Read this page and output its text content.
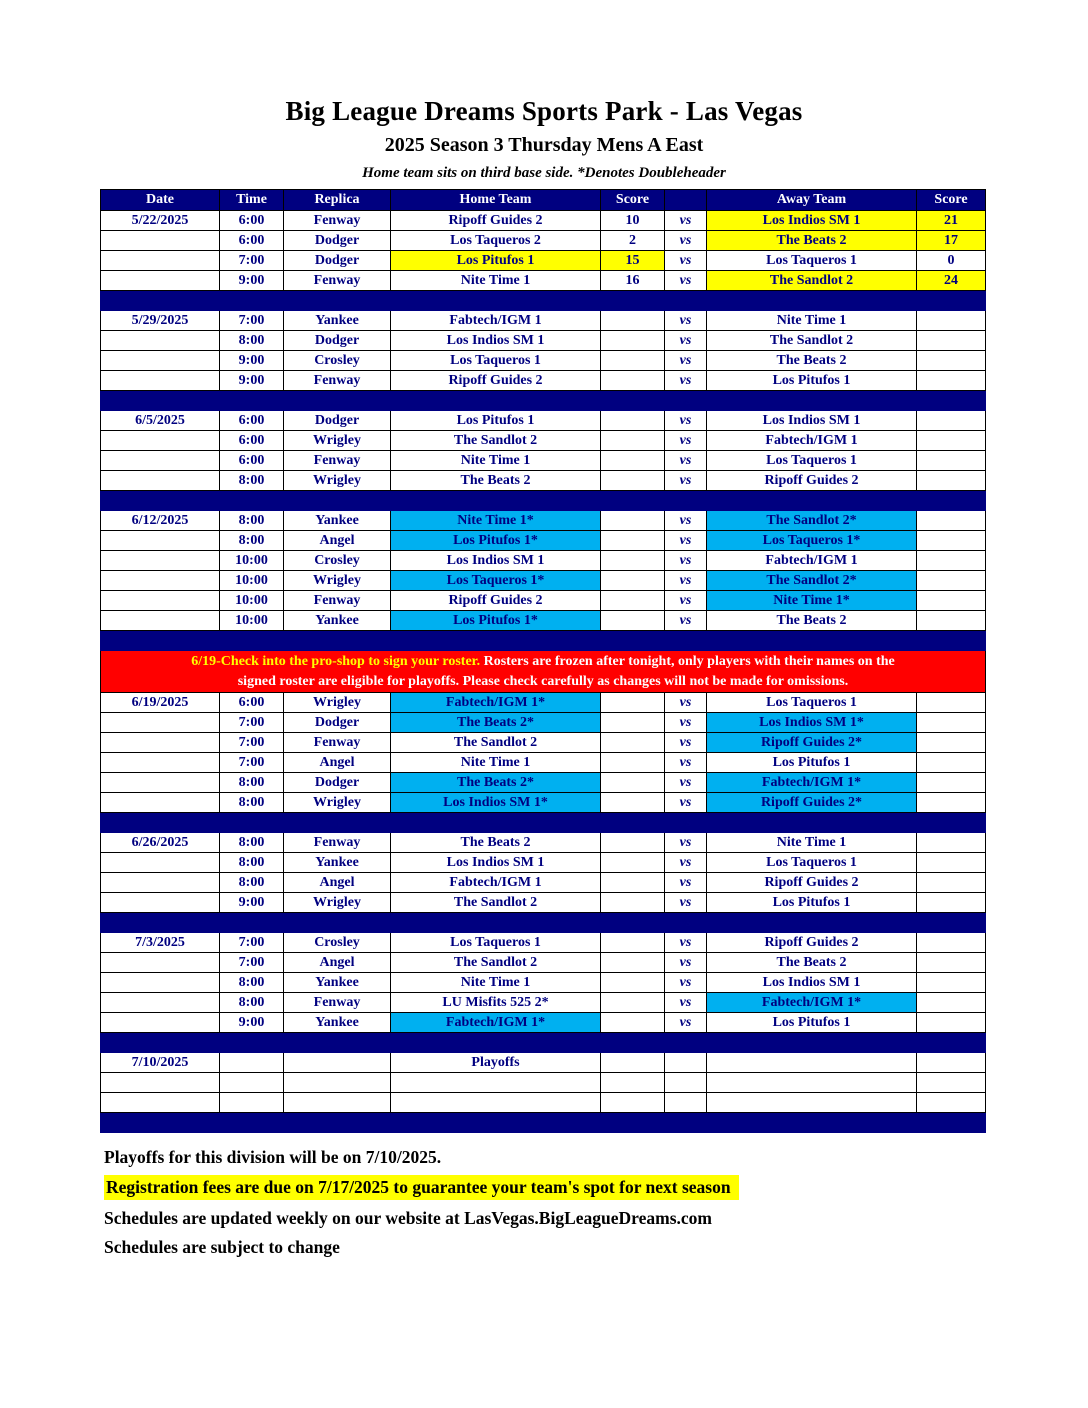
Big League Dreams Sports Park - Las Vegas
2025 Season 3 Thursday Mens A East
Home team sits on third base side. *Denotes Doubleheader
Date	Time	Replica	Home Team	Score		Away Team	Score
5/22/2025	6:00	Fenway	Ripoff Guides 2	10	vs	Los Indios SM 1	21
	6:00	Dodger	Los Taqueros 2	2	vs	The Beats 2	17
	7:00	Dodger	Los Pitufos 1	15	vs	Los Taqueros 1	0
	9:00	Fenway	Nite Time 1	16	vs	The Sandlot 2	24

5/29/2025	7:00	Yankee	Fabtech/IGM 1		vs	Nite Time 1	
	8:00	Dodger	Los Indios SM 1		vs	The Sandlot 2	
	9:00	Crosley	Los Taqueros 1		vs	The Beats 2	
	9:00	Fenway	Ripoff Guides 2		vs	Los Pitufos 1	

6/5/2025	6:00	Dodger	Los Pitufos 1		vs	Los Indios SM 1	
	6:00	Wrigley	The Sandlot 2		vs	Fabtech/IGM 1	
	6:00	Fenway	Nite Time 1		vs	Los Taqueros 1	
	8:00	Wrigley	The Beats 2		vs	Ripoff Guides 2	

6/12/2025	8:00	Yankee	Nite Time 1*		vs	The Sandlot 2*	
	8:00	Angel	Los Pitufos 1*		vs	Los Taqueros 1*	
	10:00	Crosley	Los Indios SM 1		vs	Fabtech/IGM 1	
	10:00	Wrigley	Los Taqueros 1*		vs	The Sandlot 2*	
	10:00	Fenway	Ripoff Guides 2		vs	Nite Time 1*	
	10:00	Yankee	Los Pitufos 1*		vs	The Beats 2	

6/19-Check into the pro-shop to sign your roster. Rosters are frozen after tonight, only players with their names on the
signed roster are eligible for playoffs. Please check carefully as changes will not be made for omissions.							
6/19/2025	6:00	Wrigley	Fabtech/IGM 1*		vs	Los Taqueros 1	
	7:00	Dodger	The Beats 2*		vs	Los Indios SM 1*	
	7:00	Fenway	The Sandlot 2		vs	Ripoff Guides 2*	
	7:00	Angel	Nite Time 1		vs	Los Pitufos 1	
	8:00	Dodger	The Beats 2*		vs	Fabtech/IGM 1*	
	8:00	Wrigley	Los Indios SM 1*		vs	Ripoff Guides 2*	

6/26/2025	8:00	Fenway	The Beats 2		vs	Nite Time 1	
	8:00	Yankee	Los Indios SM 1		vs	Los Taqueros 1	
	8:00	Angel	Fabtech/IGM 1		vs	Ripoff Guides 2	
	9:00	Wrigley	The Sandlot 2		vs	Los Pitufos 1	

7/3/2025	7:00	Crosley	Los Taqueros 1		vs	Ripoff Guides 2	
	7:00	Angel	The Sandlot 2		vs	The Beats 2	
	8:00	Yankee	Nite Time 1		vs	Los Indios SM 1	
	8:00	Fenway	LU Misfits 525 2*		vs	Fabtech/IGM 1*	
	9:00	Yankee	Fabtech/IGM 1*		vs	Los Pitufos 1	

7/10/2025			Playoffs				

Playoffs for this division will be on 7/10/2025.
Registration fees are due on 7/17/2025 to guarantee your team's spot for next season
Schedules are updated weekly on our website at LasVegas.BigLeagueDreams.com
Schedules are subject to change
